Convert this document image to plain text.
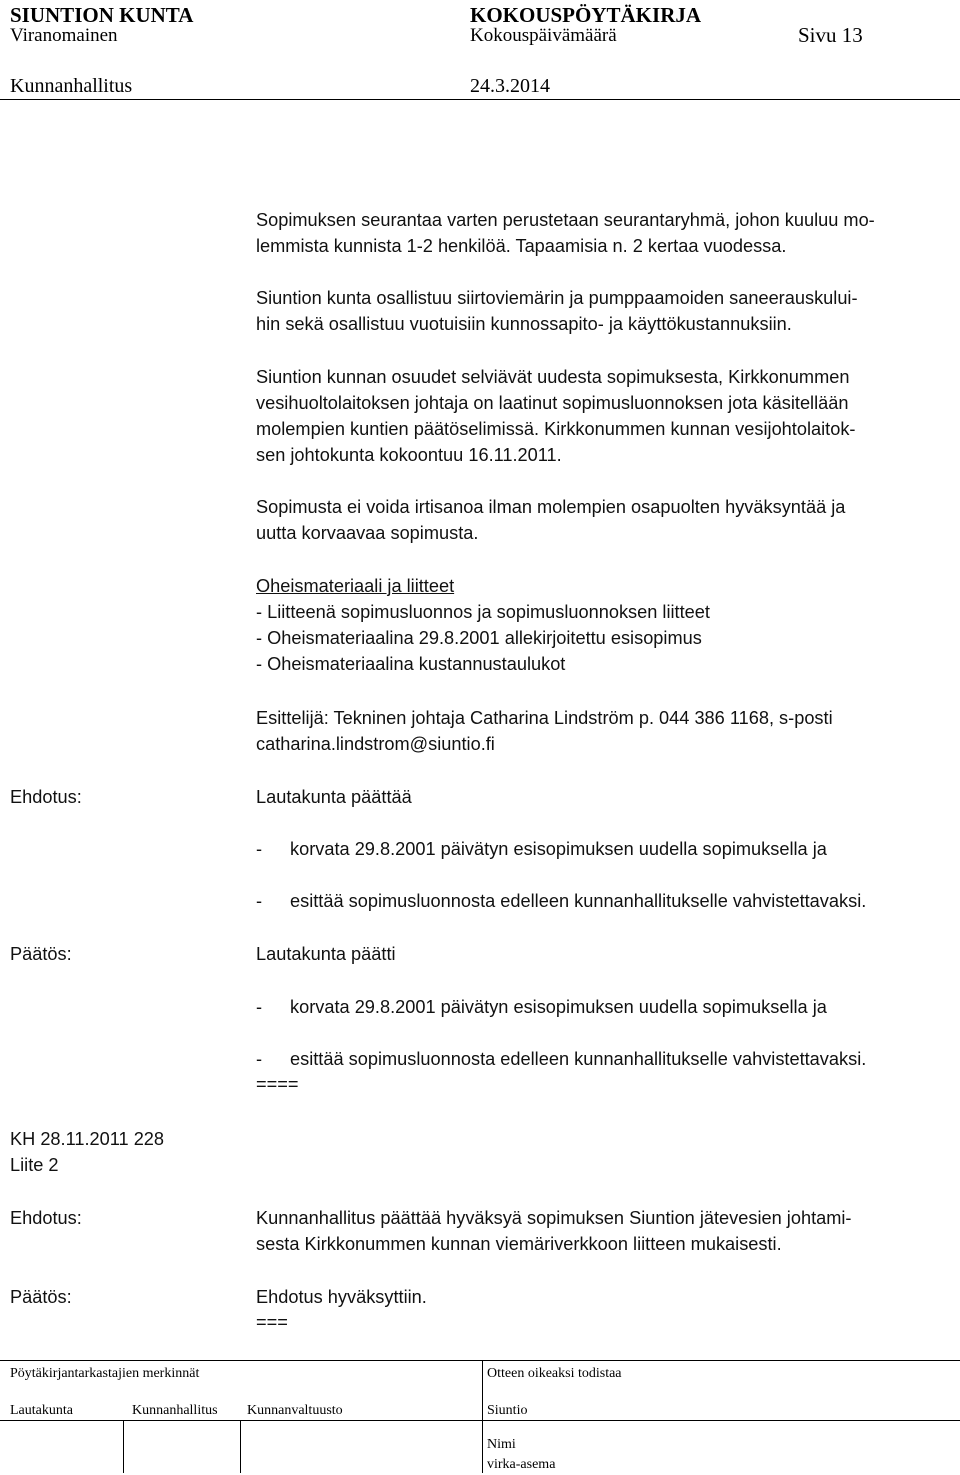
SIUNTION KUNTA	KOKOUSPÖYTÄKIRJA
Viranomainen	Kokouspäivämäärä	Sivu 13
Kunnanhallitus	24.3.2014
Sopimuksen seurantaa varten perustetaan seurantaryhmä, johon kuuluu mo-
lemmista kunnista 1-2 henkilöä. Tapaamisia n. 2 kertaa vuodessa.
Siuntion kunta osallistuu siirtoviemärin ja pumppaamoiden saneerauskului-
hin sekä osallistuu vuotuisiin kunnossapito- ja käyttökustannuksiin.
Siuntion kunnan osuudet selviävät uudesta sopimuksesta, Kirkkonummen
vesihuoltolaitoksen johtaja on laatinut sopimusluonnoksen jota käsitellään
molempien kuntien päätöselimissä. Kirkkonummen kunnan vesijohtolaitok-
sen johtokunta kokoontuu 16.11.2011.
Sopimusta ei voida irtisanoa ilman molempien osapuolten hyväksyntää ja
uutta korvaavaa sopimusta.
Oheismateriaali ja liitteet
- Liitteenä sopimusluonnos ja sopimusluonnoksen liitteet
- Oheismateriaalina 29.8.2001 allekirjoitettu esisopimus
- Oheismateriaalina kustannustaulukot
Esittelijä: Tekninen johtaja Catharina Lindström p. 044 386 1168, s-posti
catharina.lindstrom@siuntio.fi
Ehdotus:	Lautakunta päättää
- korvata 29.8.2001 päivätyn esisopimuksen uudella sopimuksella ja
- esittää sopimusluonnosta edelleen kunnanhallitukselle vahvistettavaksi.
Päätös:	Lautakunta päätti
- korvata 29.8.2001 päivätyn esisopimuksen uudella sopimuksella ja
- esittää sopimusluonnosta edelleen kunnanhallitukselle vahvistettavaksi.
====
KH 28.11.2011 228
Liite 2
Ehdotus:	Kunnanhallitus päättää hyväksyä sopimuksen Siuntion jätevesien johtami-
sesta Kirkkonummen kunnan viemäriverkkoon liitteen mukaisesti.
Päätös:	Ehdotus hyväksyttiin.
===
Pöytäkirjantarkastajien merkinnät	Otteen oikeaksi todistaa
Lautakunta	Kunnanhallitus Kunnanvaltuusto	Siuntio
Nimi
virka-asema
